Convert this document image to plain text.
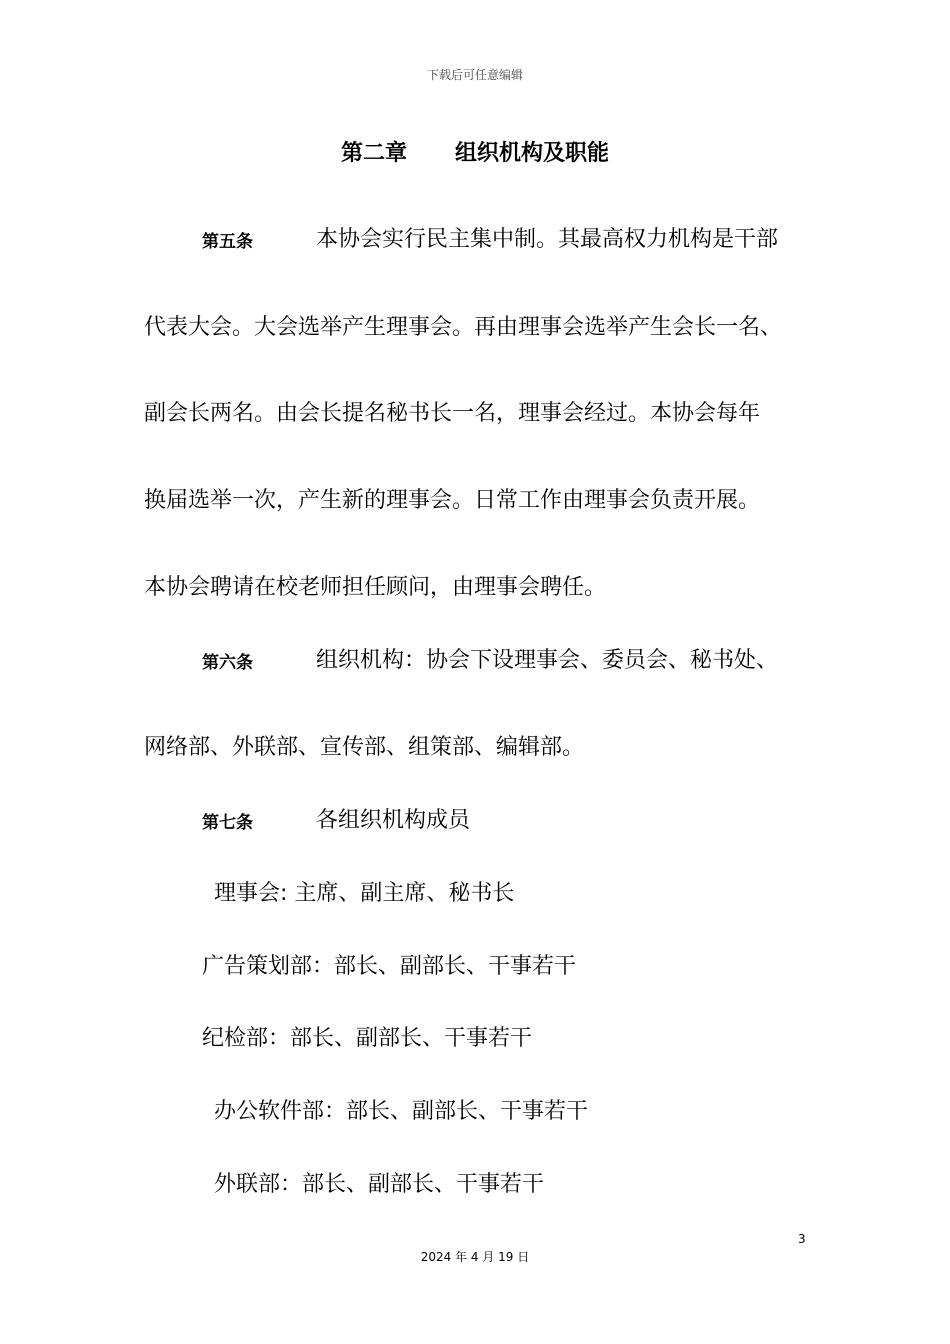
下载后可任意编辑
第二章 组织机构及职能
第五条	本协会实行民主集中制。其最高权力机构是干部
代表大会。大会选举产生理事会。再由理事会选举产生会长一名、
副会长两名。由会长提名秘书长一名，理事会经过。本协会每年
换届选举一次，产生新的理事会。日常工作由理事会负责开展。
本协会聘请在校老师担任顾问，由理事会聘任。
第六条	组织机构：协会下设理事会、委员会、秘书处、
网络部、外联部、宣传部、组策部、编辑部。
第七条	各组织机构成员
理事会: 主席、副主席、秘书长
广告策划部：部长、副部长、干事若干
纪检部：部长、副部长、干事若干
办公软件部：部长、副部长、干事若干
外联部：部长、副部长、干事若干
3
2024 年 4 月 19 日
